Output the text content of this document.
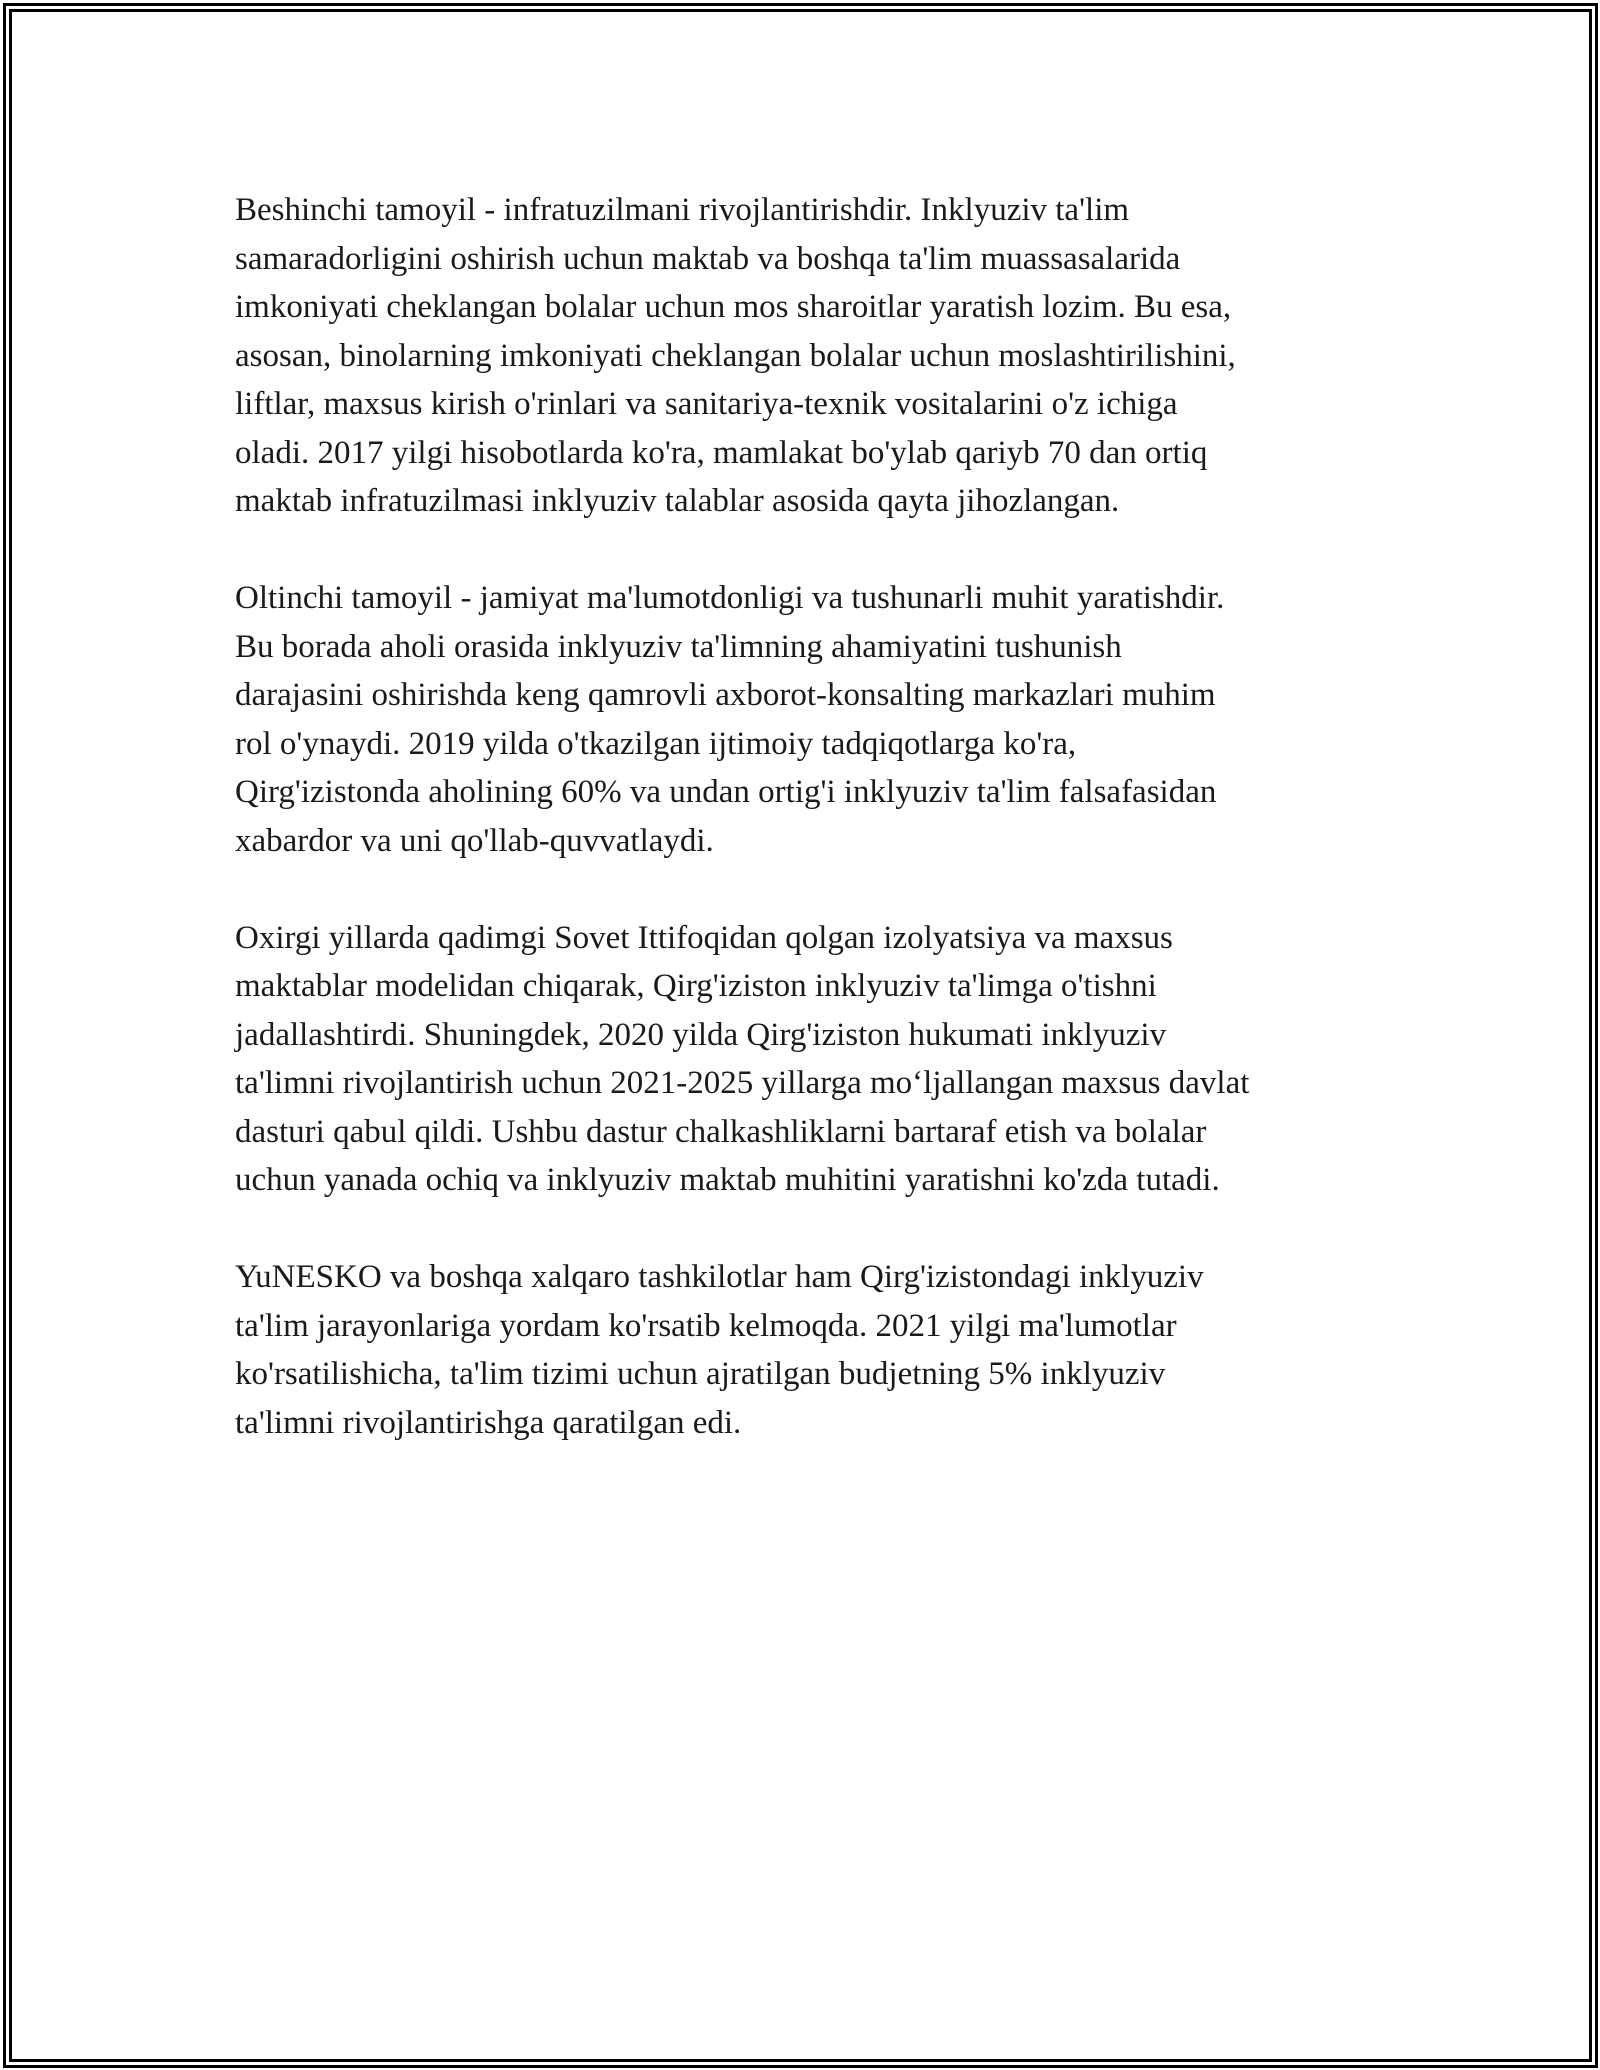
Beshinchi tamoyil - infratuzilmani rivojlantirishdir. Inklyuziv ta'lim
samaradorligini oshirish uchun maktab va boshqa ta'lim muassasalarida
imkoniyati cheklangan bolalar uchun mos sharoitlar yaratish lozim. Bu esa,
asosan, binolarning imkoniyati cheklangan bolalar uchun moslashtirilishini,
liftlar, maxsus kirish o'rinlari va sanitariya-texnik vositalarini o'z ichiga
oladi. 2017 yilgi hisobotlarda ko'ra, mamlakat bo'ylab qariyb 70 dan ortiq
maktab infratuzilmasi inklyuziv talablar asosida qayta jihozlangan.

Oltinchi tamoyil - jamiyat ma'lumotdonligi va tushunarli muhit yaratishdir.
Bu borada aholi orasida inklyuziv ta'limning ahamiyatini tushunish
darajasini oshirishda keng qamrovli axborot-konsalting markazlari muhim
rol o'ynaydi. 2019 yilda o'tkazilgan ijtimoiy tadqiqotlarga ko'ra,
Qirg'izistonda aholining 60% va undan ortig'i inklyuziv ta'lim falsafasidan
xabardor va uni qo'llab-quvvatlaydi.

Oxirgi yillarda qadimgi Sovet Ittifoqidan qolgan izolyatsiya va maxsus
maktablar modelidan chiqarak, Qirg'iziston inklyuziv ta'limga o'tishni
jadallashtirdi. Shuningdek, 2020 yilda Qirg'iziston hukumati inklyuziv
ta'limni rivojlantirish uchun 2021-2025 yillarga mo‘ljallangan maxsus davlat
dasturi qabul qildi. Ushbu dastur chalkashliklarni bartaraf etish va bolalar
uchun yanada ochiq va inklyuziv maktab muhitini yaratishni ko'zda tutadi.

YuNESKO va boshqa xalqaro tashkilotlar ham Qirg'izistondagi inklyuziv
ta'lim jarayonlariga yordam ko'rsatib kelmoqda. 2021 yilgi ma'lumotlar
ko'rsatilishicha, ta'lim tizimi uchun ajratilgan budjetning 5% inklyuziv
ta'limni rivojlantirishga qaratilgan edi.
